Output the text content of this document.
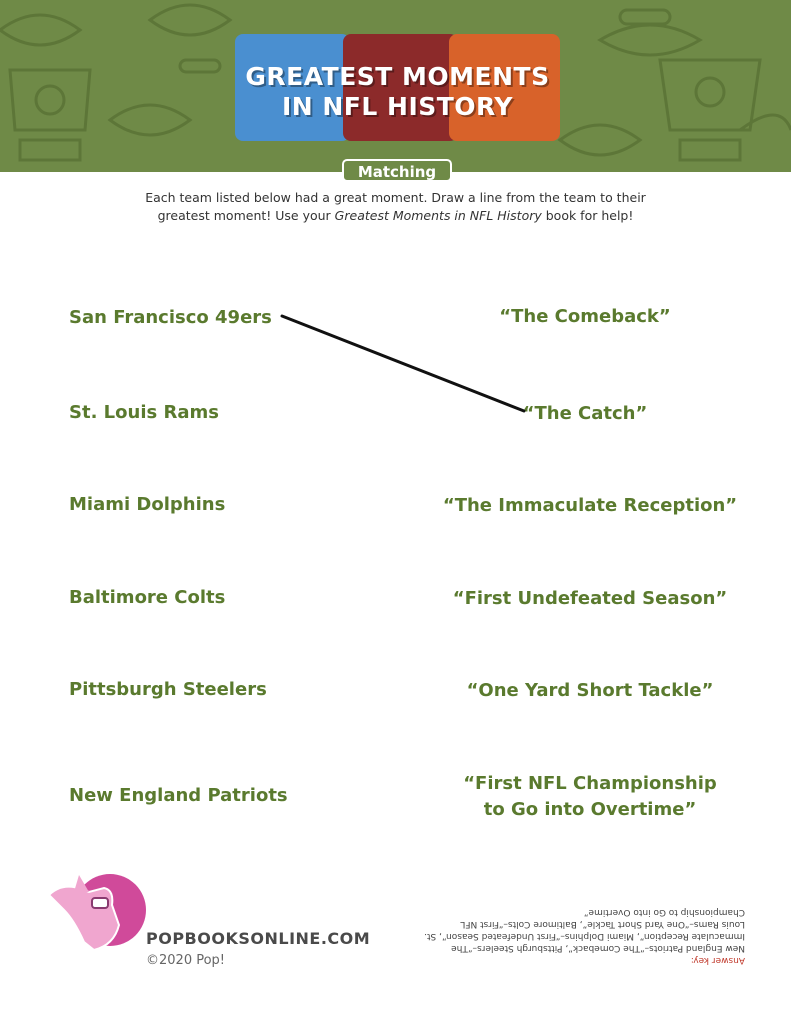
GREATEST MOMENTS
IN NFL HISTORY
Matching
Each team listed below had a great moment. Draw a line from the team to their
greatest moment! Use your Greatest Moments in NFL History book for help!
San Francisco 49ers
St. Louis Rams
Miami Dolphins
Baltimore Colts
Pittsburgh Steelers
New England Patriots
“The Comeback”
“The Catch”
“The Immaculate Reception”
“First Undefeated Season”
“One Yard Short Tackle”
“First NFL Championship
to Go into Overtime”
POPBOOKSONLINE.COM
©2020 Pop!	Answer key:
New England Patriots–“The Comeback”, Pittsburgh Steelers–“The Immaculate Reception”, Miami Dolphins–“First Undefeated Season”, St. Louis Rams–“One Yard Short Tackle”, Baltimore Colts–“First NFL Championship to Go into Overtime”
